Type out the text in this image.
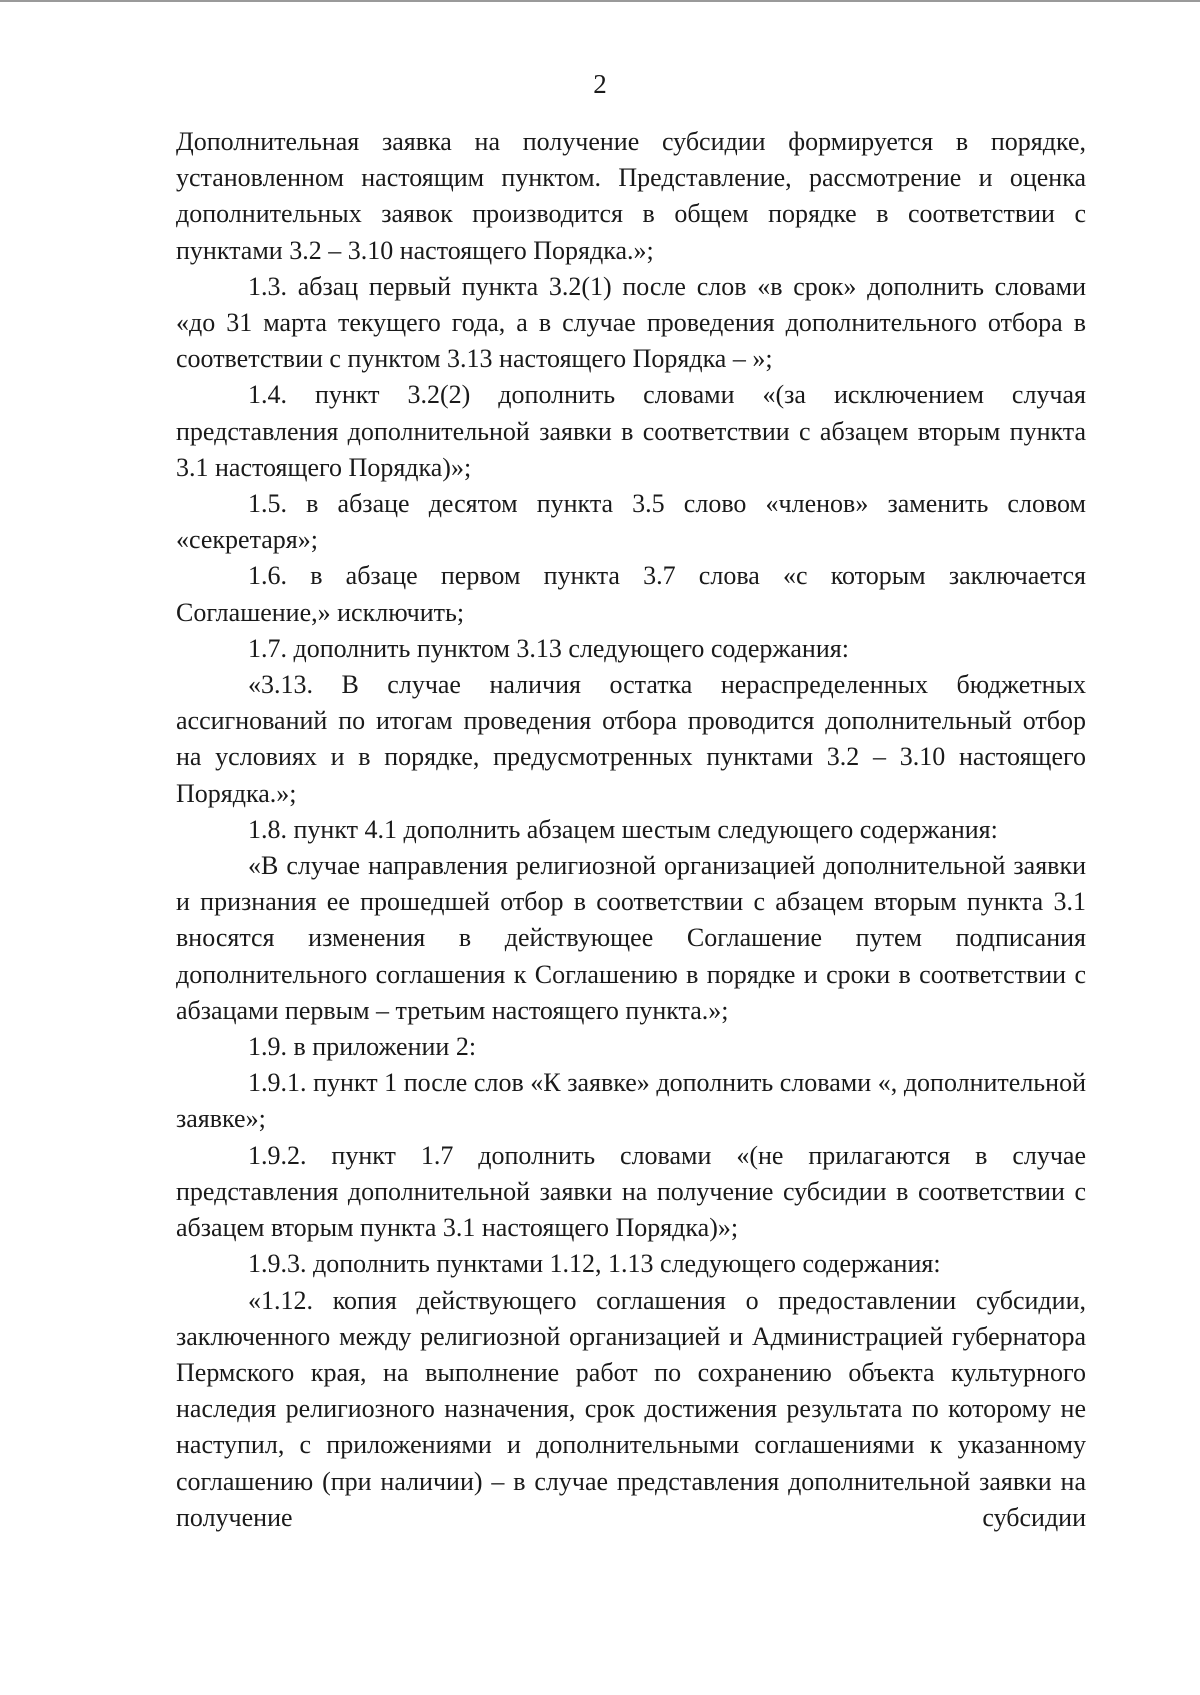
2

Дополнительная заявка на получение субсидии формируется в порядке, установленном настоящим пунктом. Представление, рассмотрение и оценка дополнительных заявок производится в общем порядке в соответствии с пунктами 3.2 – 3.10 настоящего Порядка.»;

1.3. абзац первый пункта 3.2(1) после слов «в срок» дополнить словами «до 31 марта текущего года, а в случае проведения дополнительного отбора в соответствии с пунктом 3.13 настоящего Порядка – »;

1.4. пункт 3.2(2) дополнить словами «(за исключением случая представления дополнительной заявки в соответствии с абзацем вторым пункта 3.1 настоящего Порядка)»;

1.5. в абзаце десятом пункта 3.5 слово «членов» заменить словом «секретаря»;

1.6. в абзаце первом пункта 3.7 слова «с которым заключается Соглашение,» исключить;

1.7. дополнить пунктом 3.13 следующего содержания:

«3.13. В случае наличия остатка нераспределенных бюджетных ассигнований по итогам проведения отбора проводится дополнительный отбор на условиях и в порядке, предусмотренных пунктами 3.2 – 3.10 настоящего Порядка.»;

1.8. пункт 4.1 дополнить абзацем шестым следующего содержания:

«В случае направления религиозной организацией дополнительной заявки и признания ее прошедшей отбор в соответствии с абзацем вторым пункта 3.1 вносятся изменения в действующее Соглашение путем подписания дополнительного соглашения к Соглашению в порядке и сроки в соответствии с абзацами первым – третьим настоящего пункта.»;

1.9. в приложении 2:

1.9.1. пункт 1 после слов «К заявке» дополнить словами «, дополнительной заявке»;

1.9.2. пункт 1.7 дополнить словами «(не прилагаются в случае представления дополнительной заявки на получение субсидии в соответствии с абзацем вторым пункта 3.1 настоящего Порядка)»;

1.9.3. дополнить пунктами 1.12, 1.13 следующего содержания:

«1.12. копия действующего соглашения о предоставлении субсидии, заключенного между религиозной организацией и Администрацией губернатора Пермского края, на выполнение работ по сохранению объекта культурного наследия религиозного назначения, срок достижения результата по которому не наступил, с приложениями и дополнительными соглашениями к указанному соглашению (при наличии) – в случае представления дополнительной заявки на получение субсидии
